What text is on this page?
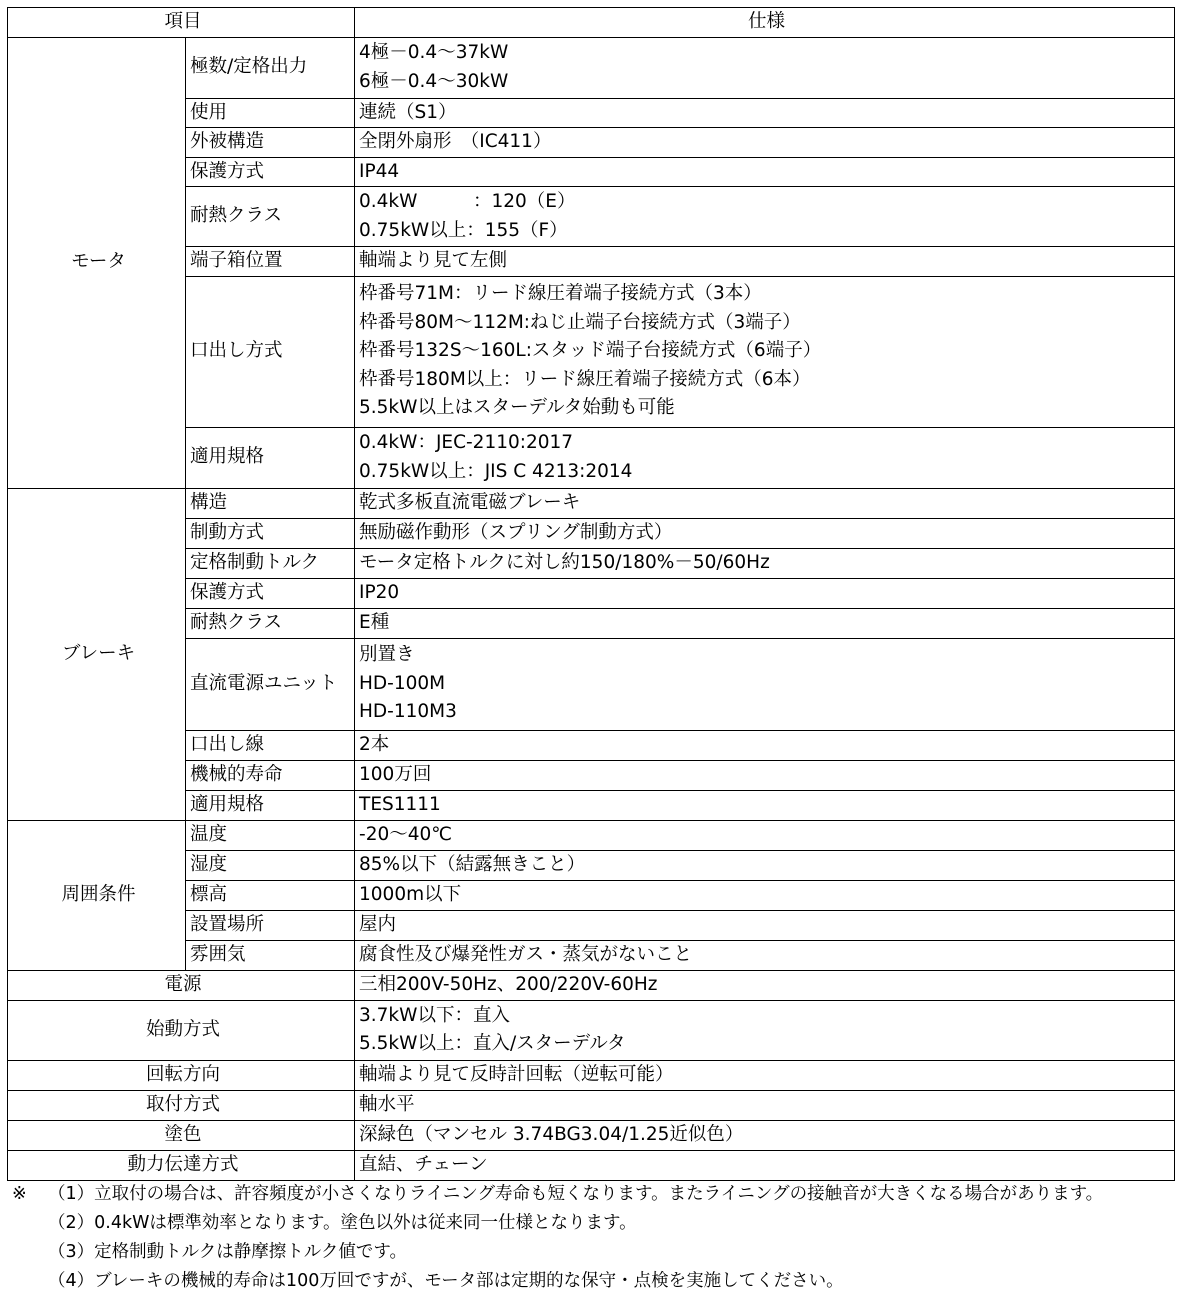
項目		仕様
モータ	極数/定格出力	4極－0.4～37kW
6極－0.4～30kW

	使用	連続（S1）

	外被構造	全閉外扇形　（IC411）

	保護方式	IP44

	耐熱クラス	0.4kW　　　：120（E）
0.75kW以上：155（F）

	端子箱位置	軸端より見て左側

	口出し方式	枠番号71M：リード線圧着端子接続方式（3本）
枠番号80M～112M:ねじ止端子台接続方式（3端子）
枠番号132S～160L:スタッド端子台接続方式（6端子）
枠番号180M以上：リード線圧着端子接続方式（6本）
5.5kW以上はスターデルタ始動も可能

	適用規格	0.4kW：JEC-2110:2017
0.75kW以上：JIS C 4213:2014

ブレーキ	構造	乾式多板直流電磁ブレーキ

	制動方式	無励磁作動形（スプリング制動方式）

	定格制動トルク	モータ定格トルクに対し約150/180%－50/60Hz

	保護方式	IP20

	耐熱クラス	E種

	直流電源ユニット	別置き
HD-100M
HD-110M3

	口出し線	2本

	機械的寿命	100万回

	適用規格	TES1111

周囲条件	温度	-20～40℃

	湿度	85%以下（結露無きこと）

	標高	1000m以下

	設置場所	屋内

	雰囲気	腐食性及び爆発性ガス・蒸気がないこと

電源		三相200V-50Hz、200/220V-60Hz

始動方式		3.7kW以下：直入
5.5kW以上：直入/スターデルタ

回転方向		軸端より見て反時計回転（逆転可能）

取付方式		軸水平

塗色		深緑色（マンセル 3.74BG3.04/1.25近似色）

動力伝達方式		直結、チェーン
※ （1）立取付の場合は、許容頻度が小さくなりライニング寿命も短くなります。またライニングの接触音が大きくなる場合があります。
（2）0.4kWは標準効率となります。塗色以外は従来同一仕様となります。
（3）定格制動トルクは静摩擦トルク値です。
（4）ブレーキの機械的寿命は100万回ですが、モータ部は定期的な保守・点検を実施してください。
